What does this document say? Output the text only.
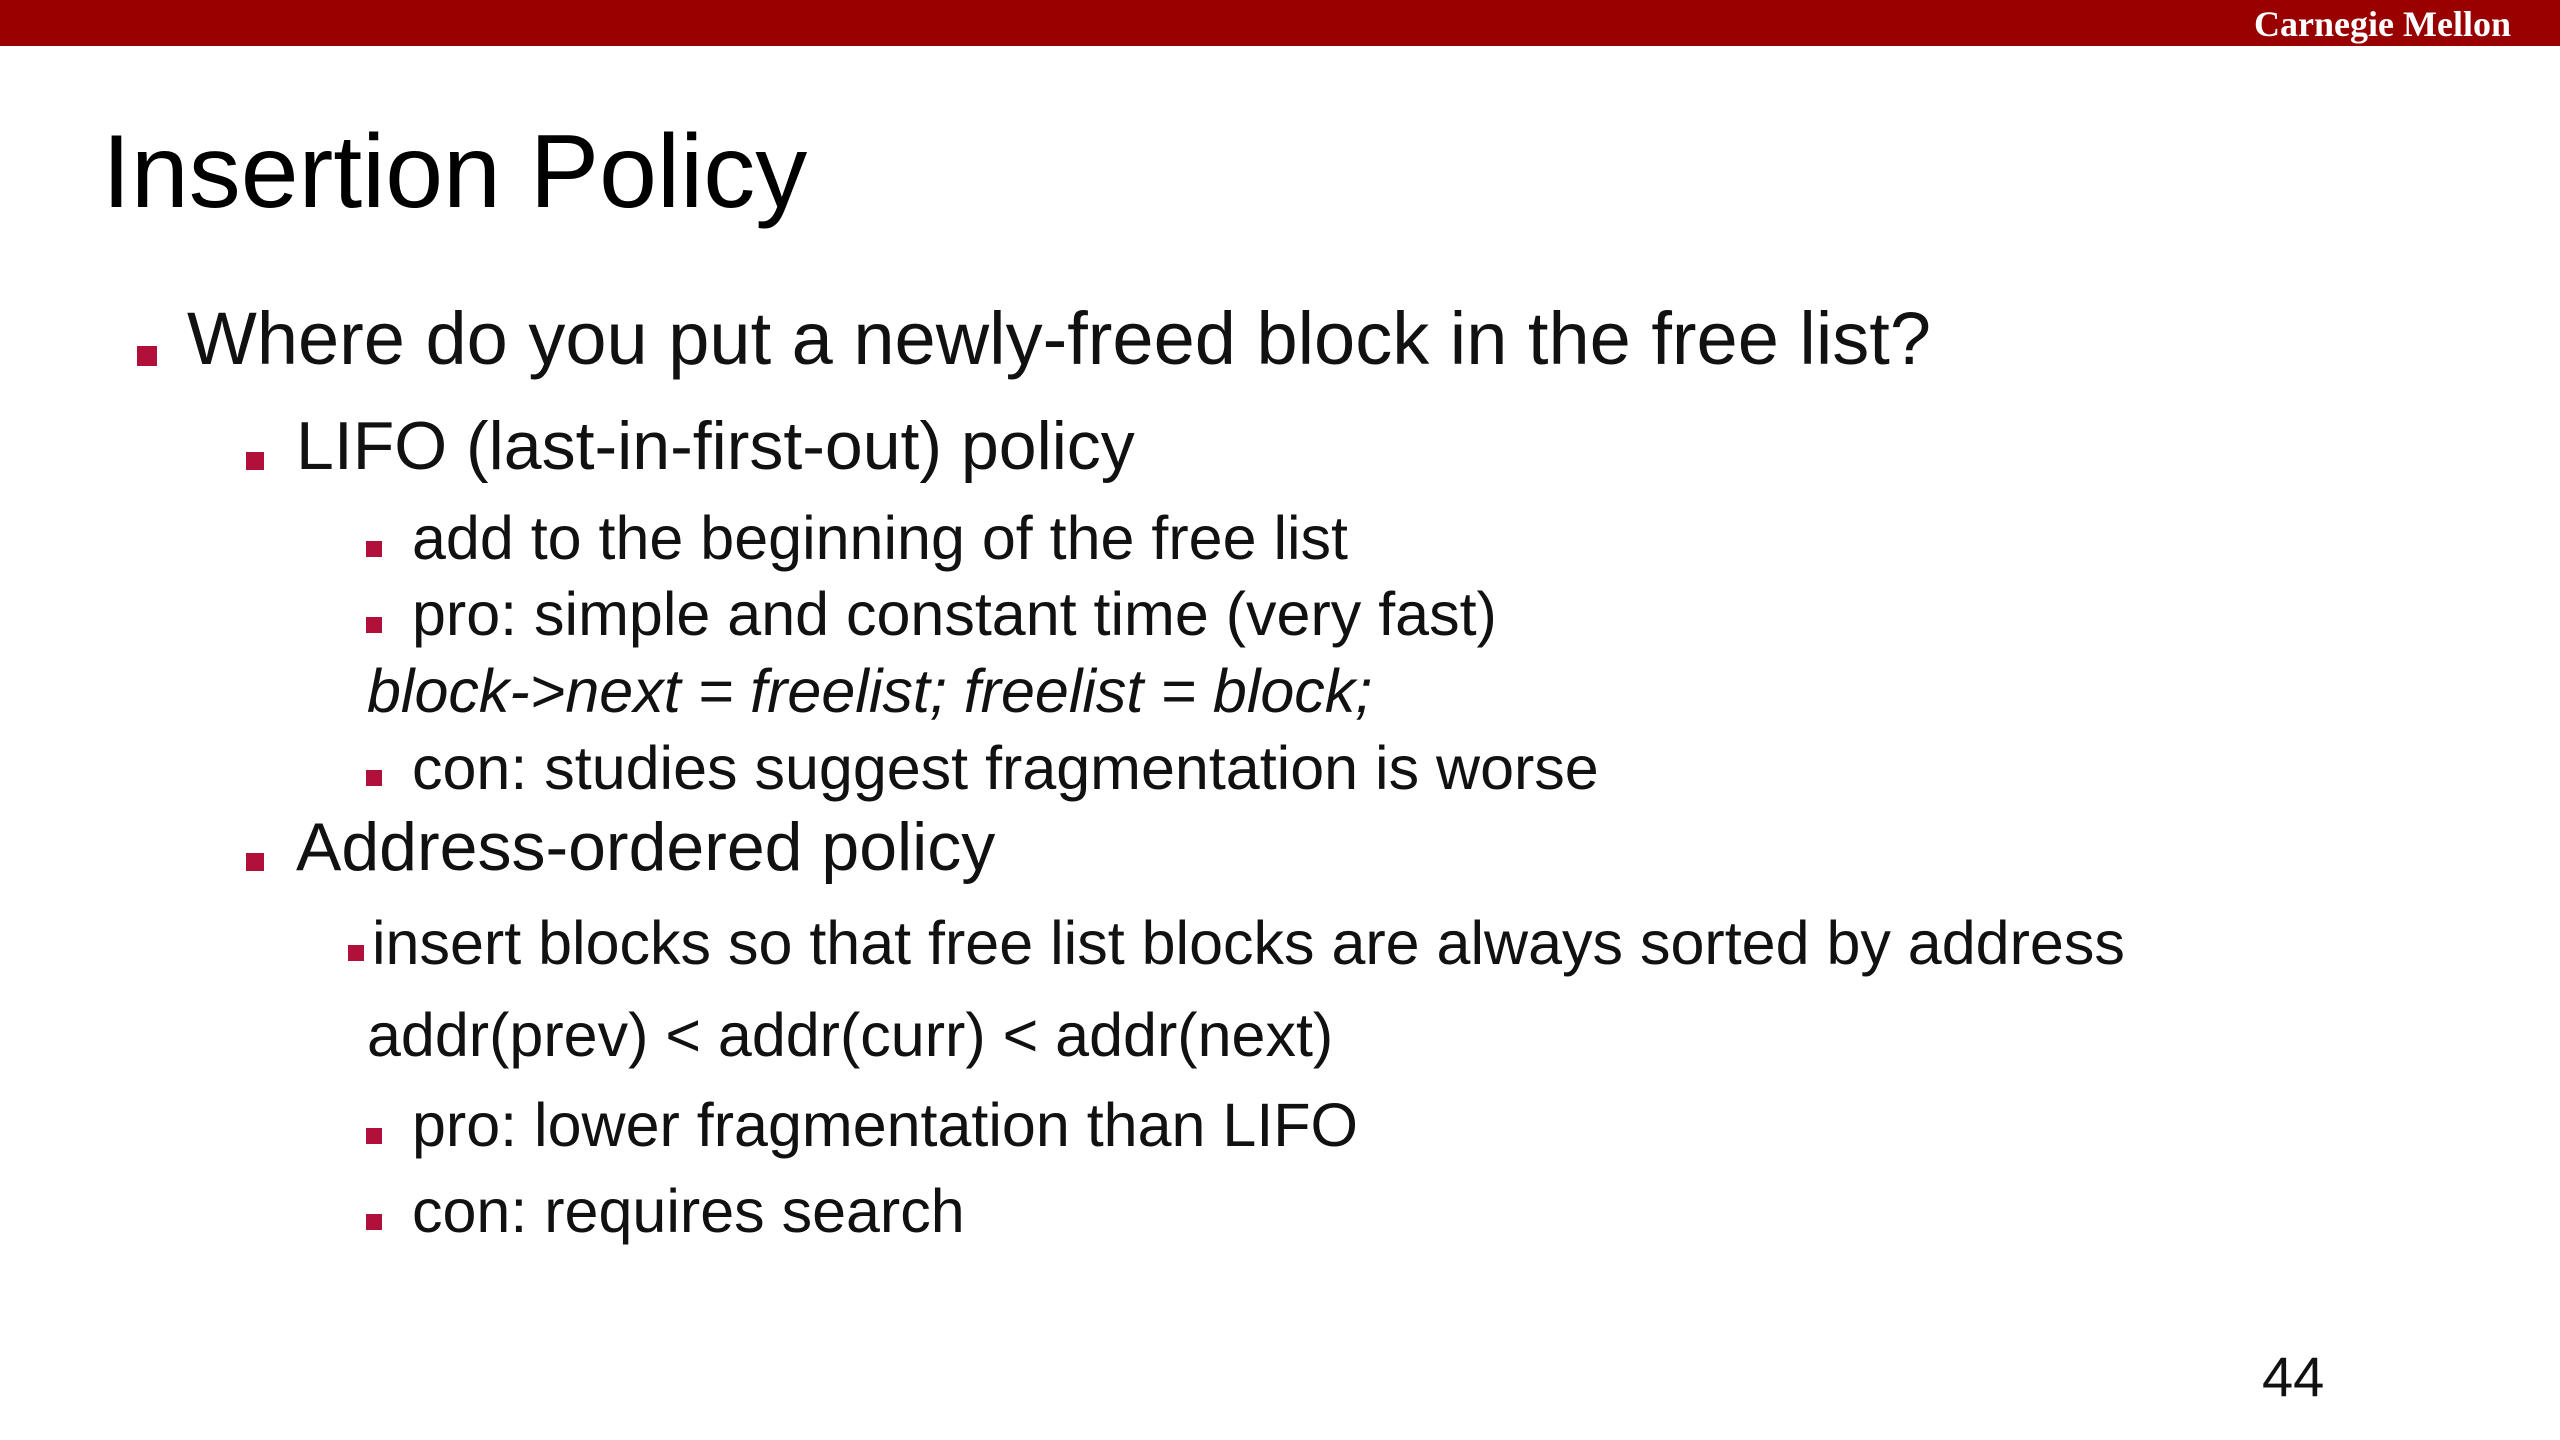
Carnegie Mellon
Insertion Policy
Where do you put a newly-freed block in the free list?
LIFO (last-in-first-out) policy
add to the beginning of the free list
pro: simple and constant time (very fast)
block->next = freelist; freelist = block;
con: studies suggest fragmentation is worse
Address-ordered policy
insert blocks so that free list blocks are always sorted by address
addr(prev) < addr(curr) < addr(next)
pro: lower fragmentation than LIFO
con: requires search
44
